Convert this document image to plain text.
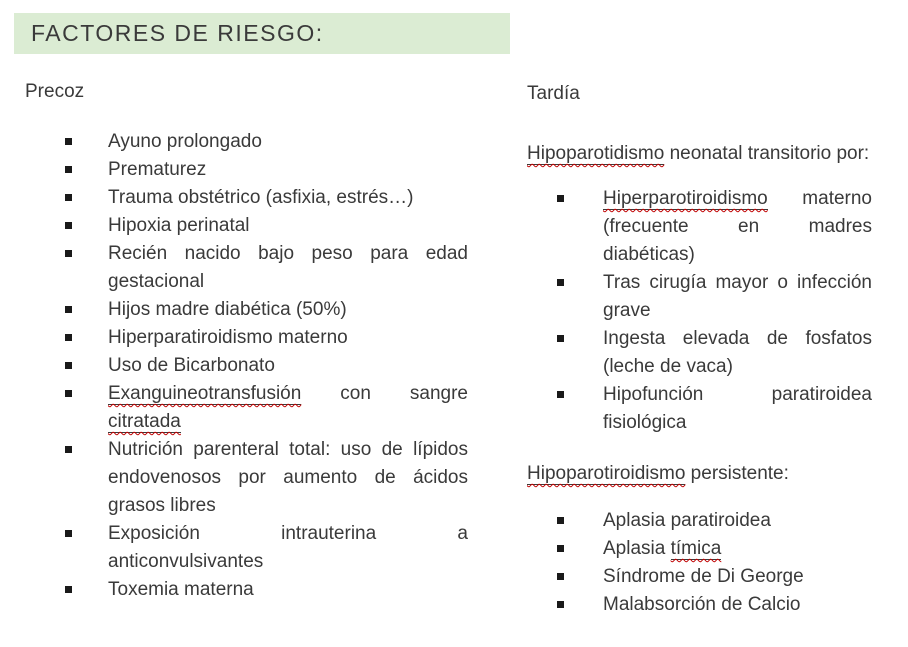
FACTORES DE RIESGO:

Precoz

Ayuno prolongado
Prematurez
Trauma obstétrico (asfixia, estrés…)
Hipoxia perinatal
Recién nacido bajo peso para edad gestacional
Hijos madre diabética (50%)
Hiperparatiroidismo materno
Uso de Bicarbonato
Exanguineotransfusión con sangre citratada
Nutrición parenteral total: uso de lípidos endovenosos por aumento de ácidos grasos libres
Exposición intrauterina a anticonvulsivantes
Toxemia materna

Tardía

Hipoparotidismo neonatal transitorio por:

Hiperparotiroidismo materno (frecuente en madres diabéticas)
Tras cirugía mayor o infección grave
Ingesta elevada de fosfatos (leche de vaca)
Hipofunción paratiroidea fisiológica

Hipoparotiroidismo persistente:

Aplasia paratiroidea
Aplasia tímica
Síndrome de Di George
Malabsorción de Calcio
